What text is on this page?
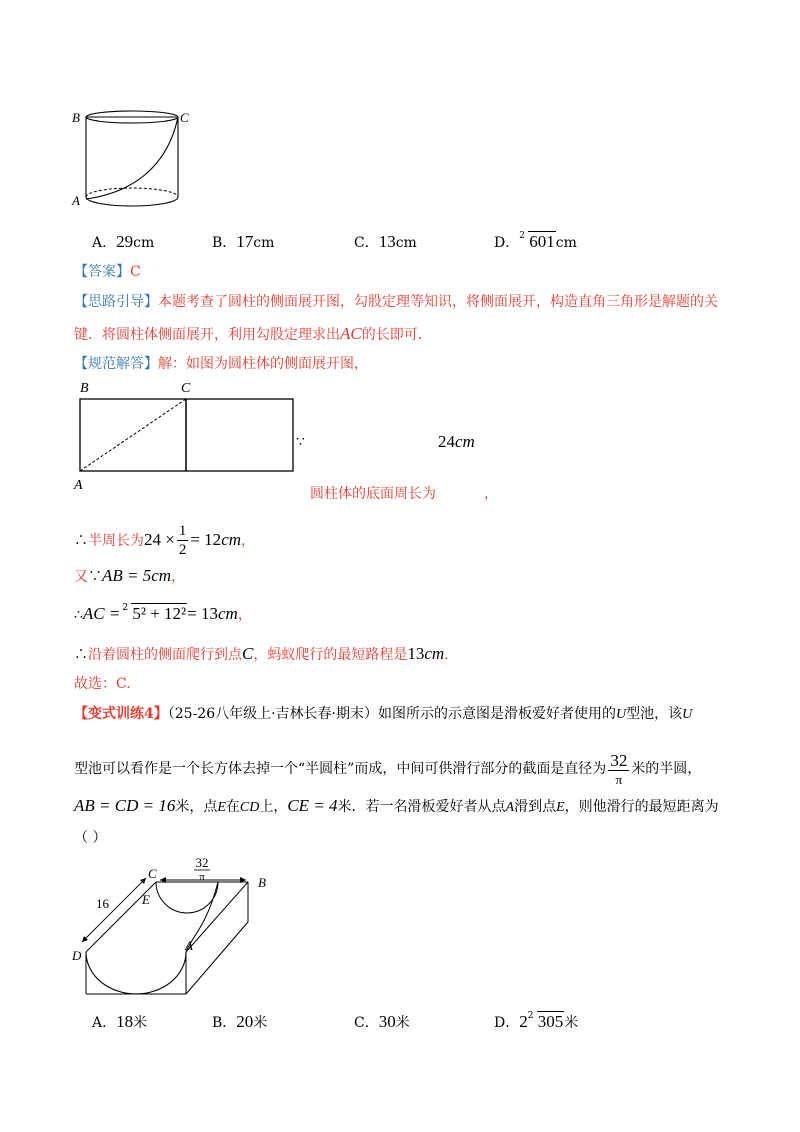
B	C
A
A．29cm	B．17cm	C．13cm	D． 2 601cm
【答案】C
【思路引导】本题考查了圆柱的侧面展开图，勾股定理等知识，将侧面展开，构造直角三角形是解题的关
键．将圆柱体侧面展开，利用勾股定理求出AC的长即可．
【规范解答】解：如图为圆柱体的侧面展开图，
B	C
A
∵	24cm
圆柱体的底面周长为	，
∴半周长为$24 \times \frac{1}{2} = 12cm$，
又∵AB = 5cm，
∴AC = 2 5² + 12²= 13cm，
∴沿着圆柱的侧面爬行到点C，蚂蚁爬行的最短路程是13cm.
故选：C.
【变式训练4】（25-26八年级上·吉林长春·期末）如图所示的示意图是滑板爱好者使用的U型池，该U
型池可以看作是一个长方体去掉一个“半圆柱”而成，中间可供滑行部分的截面是直径为 $\frac{32}{\pi}$ 米的半圆，
AB = CD = 16米，点E在CD上，CE = 4米．若一名滑板爱好者从点A滑到点E，则他滑行的最短距离为
（ ）
32
π
C
B
E
D
A
16
A．18米	B．20米	C．30米	D．2 2 305米
